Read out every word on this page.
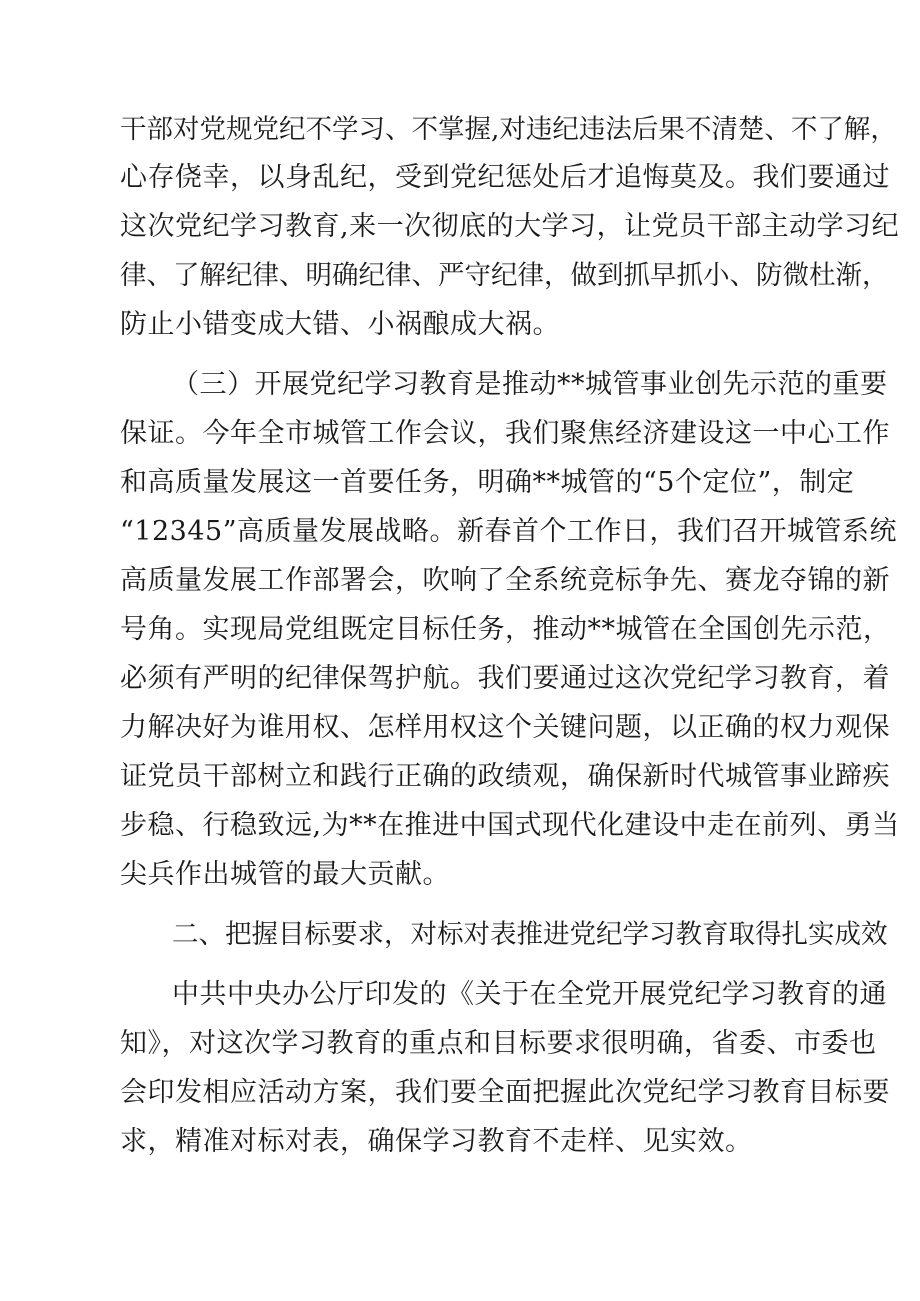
干部对党规党纪不学习、不掌握,对违纪违法后果不清楚、不了解，
心存侥幸，以身乱纪，受到党纪惩处后才追悔莫及。我们要通过
这次党纪学习教育,来一次彻底的大学习，让党员干部主动学习纪
律、了解纪律、明确纪律、严守纪律，做到抓早抓小、防微杜渐，
防止小错变成大错、小祸酿成大祸。
（三）开展党纪学习教育是推动**城管事业创先示范的重要
保证。今年全市城管工作会议，我们聚焦经济建设这一中心工作
和高质量发展这一首要任务，明确**城管的“5个定位”，制定
“12345”高质量发展战略。新春首个工作日，我们召开城管系统
高质量发展工作部署会，吹响了全系统竞标争先、赛龙夺锦的新
号角。实现局党组既定目标任务，推动**城管在全国创先示范，
必须有严明的纪律保驾护航。我们要通过这次党纪学习教育，着
力解决好为谁用权、怎样用权这个关键问题，以正确的权力观保
证党员干部树立和践行正确的政绩观，确保新时代城管事业蹄疾
步稳、行稳致远,为**在推进中国式现代化建设中走在前列、勇当
尖兵作出城管的最大贡献。
二、把握目标要求，对标对表推进党纪学习教育取得扎实成效
中共中央办公厅印发的《关于在全党开展党纪学习教育的通
知》，对这次学习教育的重点和目标要求很明确，省委、市委也
会印发相应活动方案，我们要全面把握此次党纪学习教育目标要
求，精准对标对表，确保学习教育不走样、见实效。
